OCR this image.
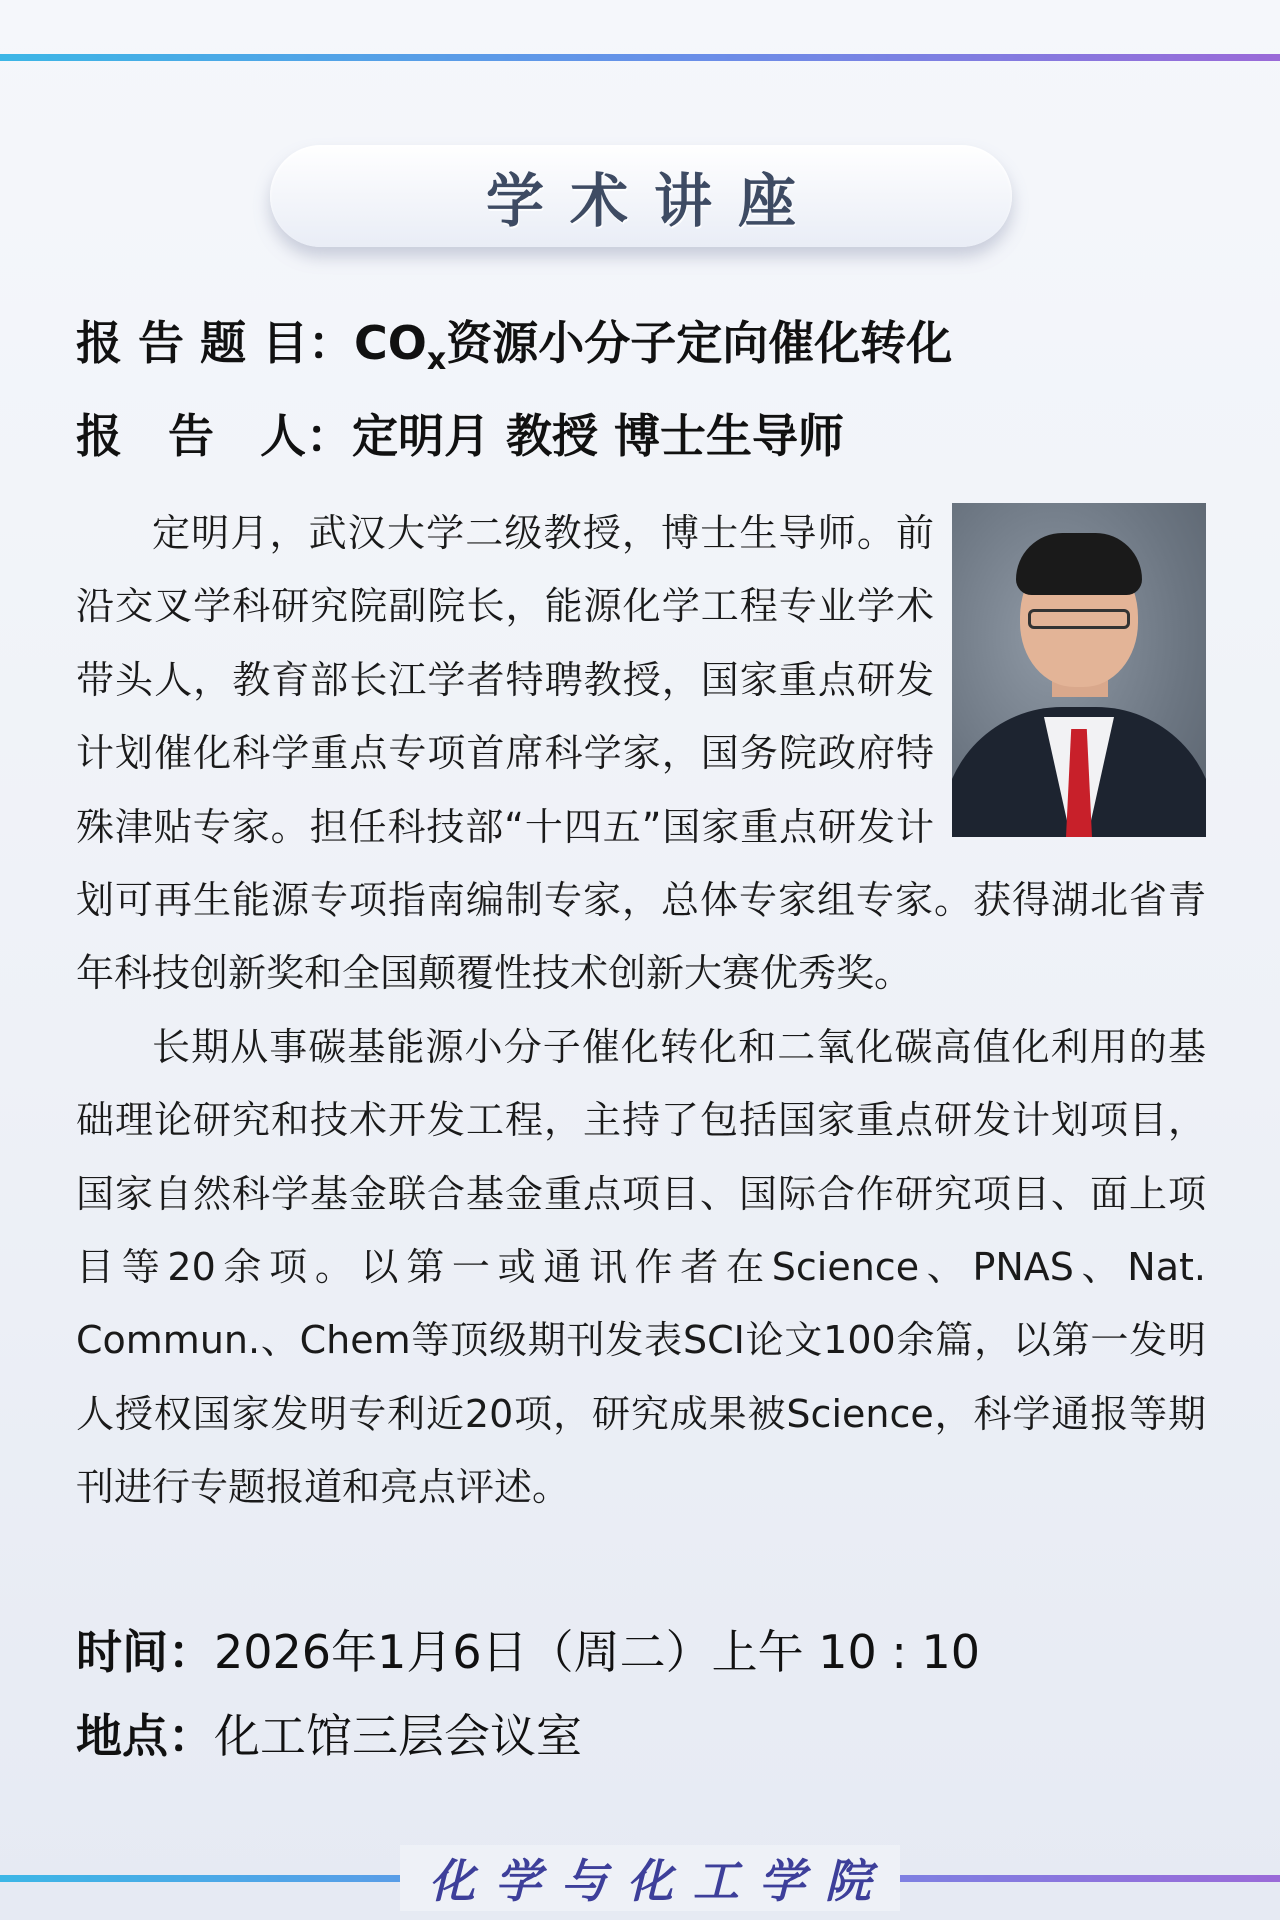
学术讲座
报 告 题 目：$CO_x$资源小分子定向催化转化
报　告　人：定明月 教授 博士生导师

定明月，武汉大学二级教授，博士生导师。前沿交叉学科研究院副院长，能源化学工程专业学术带头人，教育部长江学者特聘教授，国家重点研发计划催化科学重点专项首席科学家，国务院政府特殊津贴专家。担任科技部“十四五”国家重点研发计划可再生能源专项指南编制专家，总体专家组专家。获得湖北省青年科技创新奖和全国颠覆性技术创新大赛优秀奖。

长期从事碳基能源小分子催化转化和二氧化碳高值化利用的基础理论研究和技术开发工程，主持了包括国家重点研发计划项目，国家自然科学基金联合基金重点项目、国际合作研究项目、面上项目等20余项。以第一或通讯作者在Science、PNAS、Nat. Commun.、Chem等顶级期刊发表SCI论文100余篇，以第一发明人授权国家发明专利近20项，研究成果被Science，科学通报等期刊进行专题报道和亮点评述。

时间：2026年1月6日（周二）上午 10 : 10
地点：化工馆三层会议室
化学与化工学院
